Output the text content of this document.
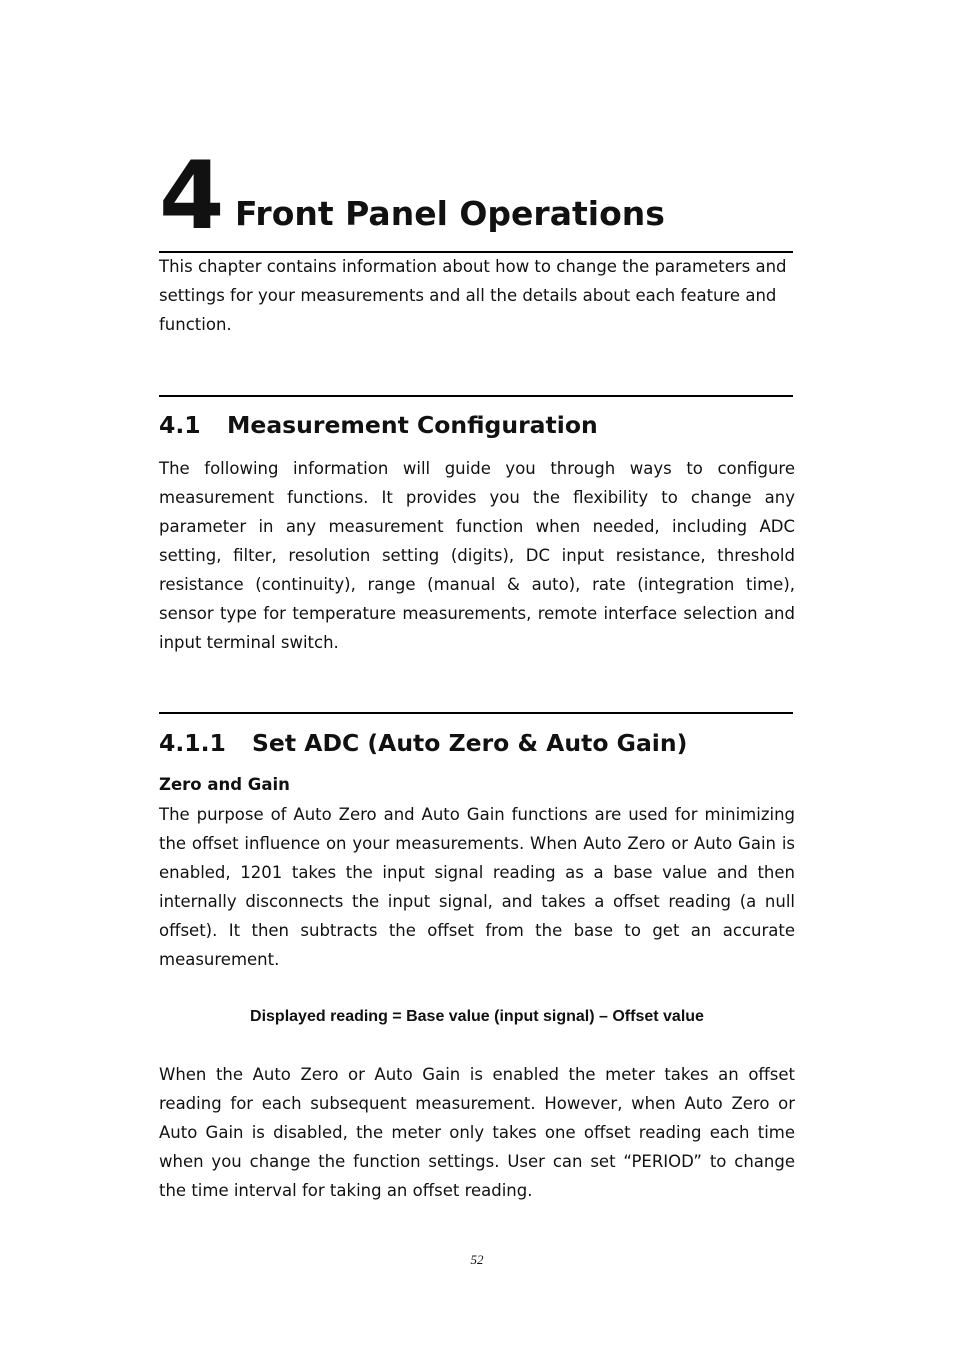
4 Front Panel Operations

This chapter contains information about how to change the parameters and settings for your measurements and all the details about each feature and function.

4.1 Measurement Configuration

The following information will guide you through ways to configure measurement functions. It provides you the flexibility to change any parameter in any measurement function when needed, including ADC setting, filter, resolution setting (digits), DC input resistance, threshold resistance (continuity), range (manual & auto), rate (integration time), sensor type for temperature measurements, remote interface selection and input terminal switch.

4.1.1 Set ADC (Auto Zero & Auto Gain)

Zero and Gain

The purpose of Auto Zero and Auto Gain functions are used for minimizing the offset influence on your measurements. When Auto Zero or Auto Gain is enabled, 1201 takes the input signal reading as a base value and then internally disconnects the input signal, and takes a offset reading (a null offset). It then subtracts the offset from the base to get an accurate measurement.

Displayed reading = Base value (input signal) – Offset value

When the Auto Zero or Auto Gain is enabled the meter takes an offset reading for each subsequent measurement. However, when Auto Zero or Auto Gain is disabled, the meter only takes one offset reading each time when you change the function settings. User can set “PERIOD” to change the time interval for taking an offset reading.

52
